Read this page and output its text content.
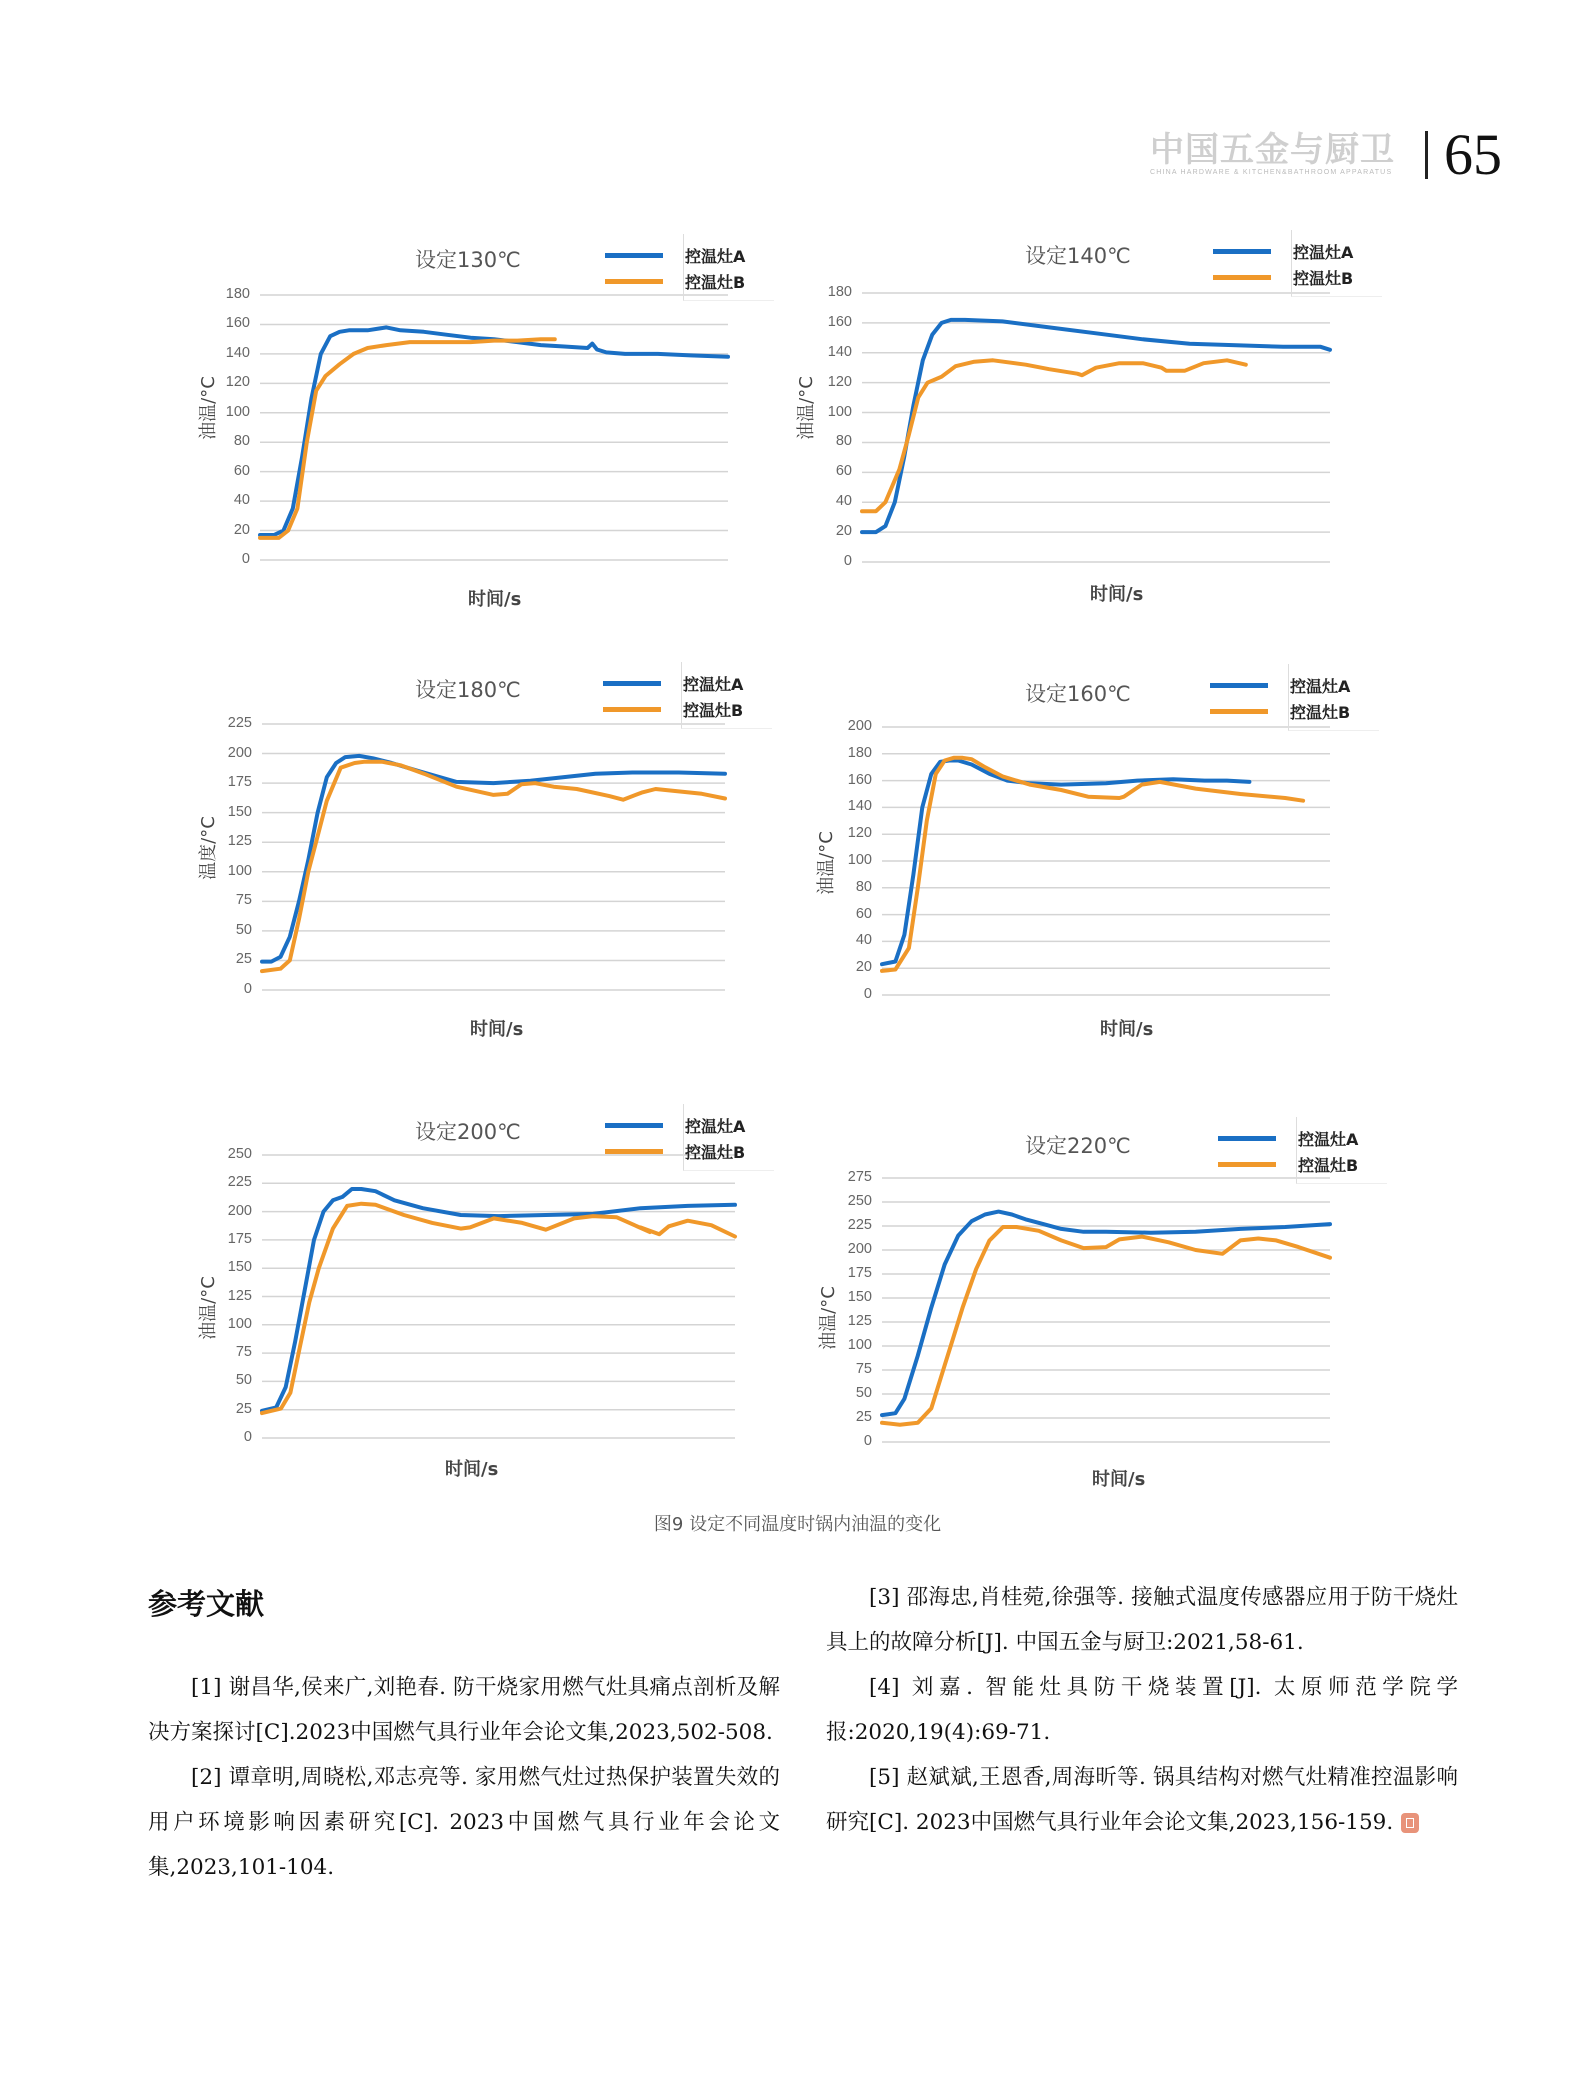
中国五金与厨卫
CHINA HARDWARE & KITCHEN&BATHROOM APPARATUS 65
0
20
40
60
80
100
120
140
160
180
设定130℃	控温灶A
控温灶B
油温/°C
时间/s
0
20
40
60
80
100
120
140
160
180
设定140℃	控温灶A
控温灶B
油温/°C
时间/s
0
25
50
75
100
125
150
175
200
225
设定180℃	控温灶A
控温灶B
温度/°C
时间/s
0
20
40
60
80
100
120
140
160
180
200
设定160℃	控温灶A
控温灶B
油温/°C
时间/s
0
25
50
75
100
125
150
175
200
225
250
设定200℃	控温灶A
控温灶B
油温/°C
时间/s
0
25
50
75
100
125
150
175
200
225
250
275
设定220℃	控温灶A
控温灶B
油温/°C
时间/s
图9 设定不同温度时锅内油温的变化
参考文献

[1] 谢昌华,侯来广,刘艳春. 防干烧家用燃气灶具痛点剖析及解决方案探讨[C].2023中国燃气具行业年会论文集,2023,502-508.

[2] 谭章明,周晓松,邓志亮等. 家用燃气灶过热保护装置失效的用户环境影响因素研究[C]. 2023中国燃气具行业年会论文集,2023,101-104.

[3] 邵海忠,肖桂菀,徐强等. 接触式温度传感器应用于防干烧灶具上的故障分析[J]. 中国五金与厨卫:2021,58-61.

[4] 刘嘉. 智能灶具防干烧装置[J]. 太原师范学院学报:2020,19(4):69-71.

[5] 赵斌斌,王恩香,周海昕等. 锅具结构对燃气灶精准控温影响研究[C]. 2023中国燃气具行业年会论文集,2023,156-159.
